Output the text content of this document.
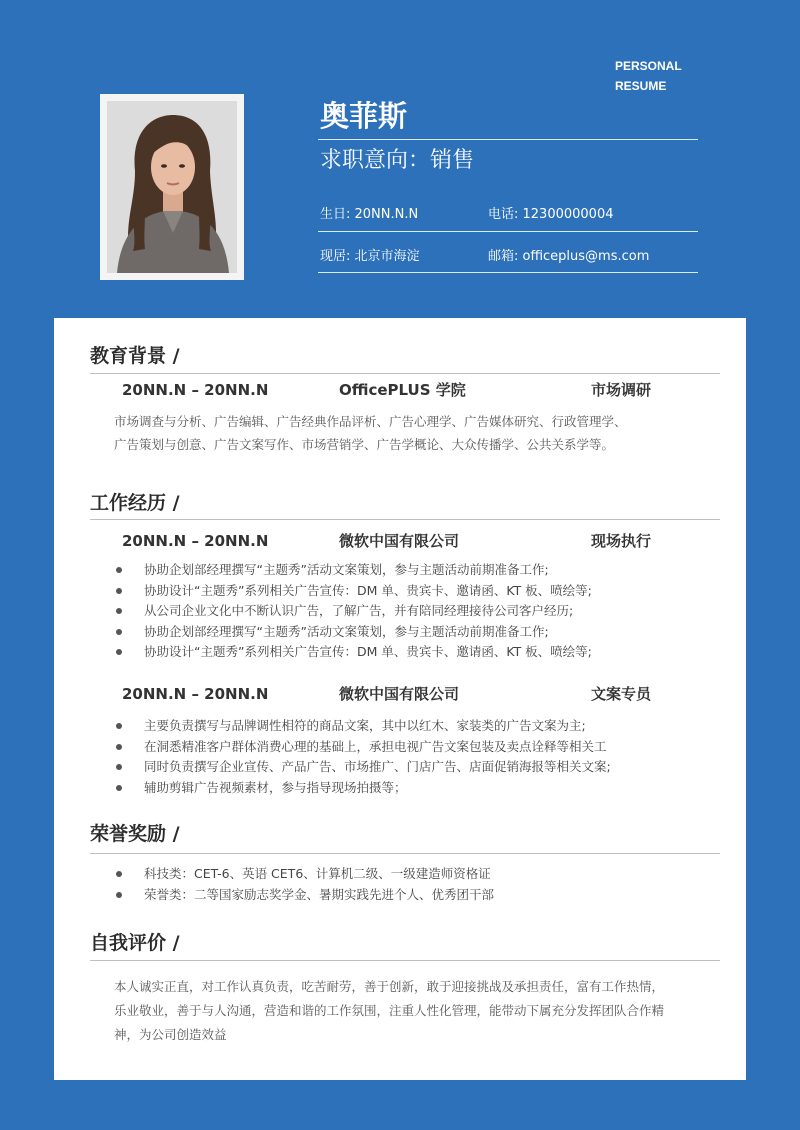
PERSONAL
RESUME
奥菲斯
求职意向：销售
生日: 20NN.N.N	电话: 12300000004
现居: 北京市海淀	邮箱: officeplus@ms.com
教育背景 /
20NN.N – 20NN.N	OfficePLUS 学院	市场调研
市场调查与分析、广告编辑、广告经典作品评析、广告心理学、广告媒体研究、行政管理学、
广告策划与创意、广告文案写作、市场营销学、广告学概论、大众传播学、公共关系学等。
工作经历 /
20NN.N – 20NN.N	微软中国有限公司	现场执行
协助企划部经理撰写“主题秀”活动文案策划，参与主题活动前期准备工作;
协助设计“主题秀”系列相关广告宣传：DM 单、贵宾卡、邀请函、KT 板、喷绘等;
从公司企业文化中不断认识广告，了解广告，并有陪同经理接待公司客户经历;
协助企划部经理撰写“主题秀”活动文案策划，参与主题活动前期准备工作;
协助设计“主题秀”系列相关广告宣传：DM 单、贵宾卡、邀请函、KT 板、喷绘等;
20NN.N – 20NN.N	微软中国有限公司	文案专员
主要负责撰写与品牌调性相符的商品文案，其中以红木、家装类的广告文案为主;
在洞悉精准客户群体消费心理的基础上，承担电视广告文案包装及卖点诠释等相关工
同时负责撰写企业宣传、产品广告、市场推广、门店广告、店面促销海报等相关文案;
辅助剪辑广告视频素材，参与指导现场拍摄等；
荣誉奖励 /
科技类：CET-6、英语 CET6、计算机二级、一级建造师资格证
荣誉类：二等国家励志奖学金、暑期实践先进个人、优秀团干部
自我评价 /
本人诚实正直，对工作认真负责，吃苦耐劳，善于创新，敢于迎接挑战及承担责任，富有工作热情，
乐业敬业，善于与人沟通，营造和谐的工作氛围，注重人性化管理，能带动下属充分发挥团队合作精
神，为公司创造效益
